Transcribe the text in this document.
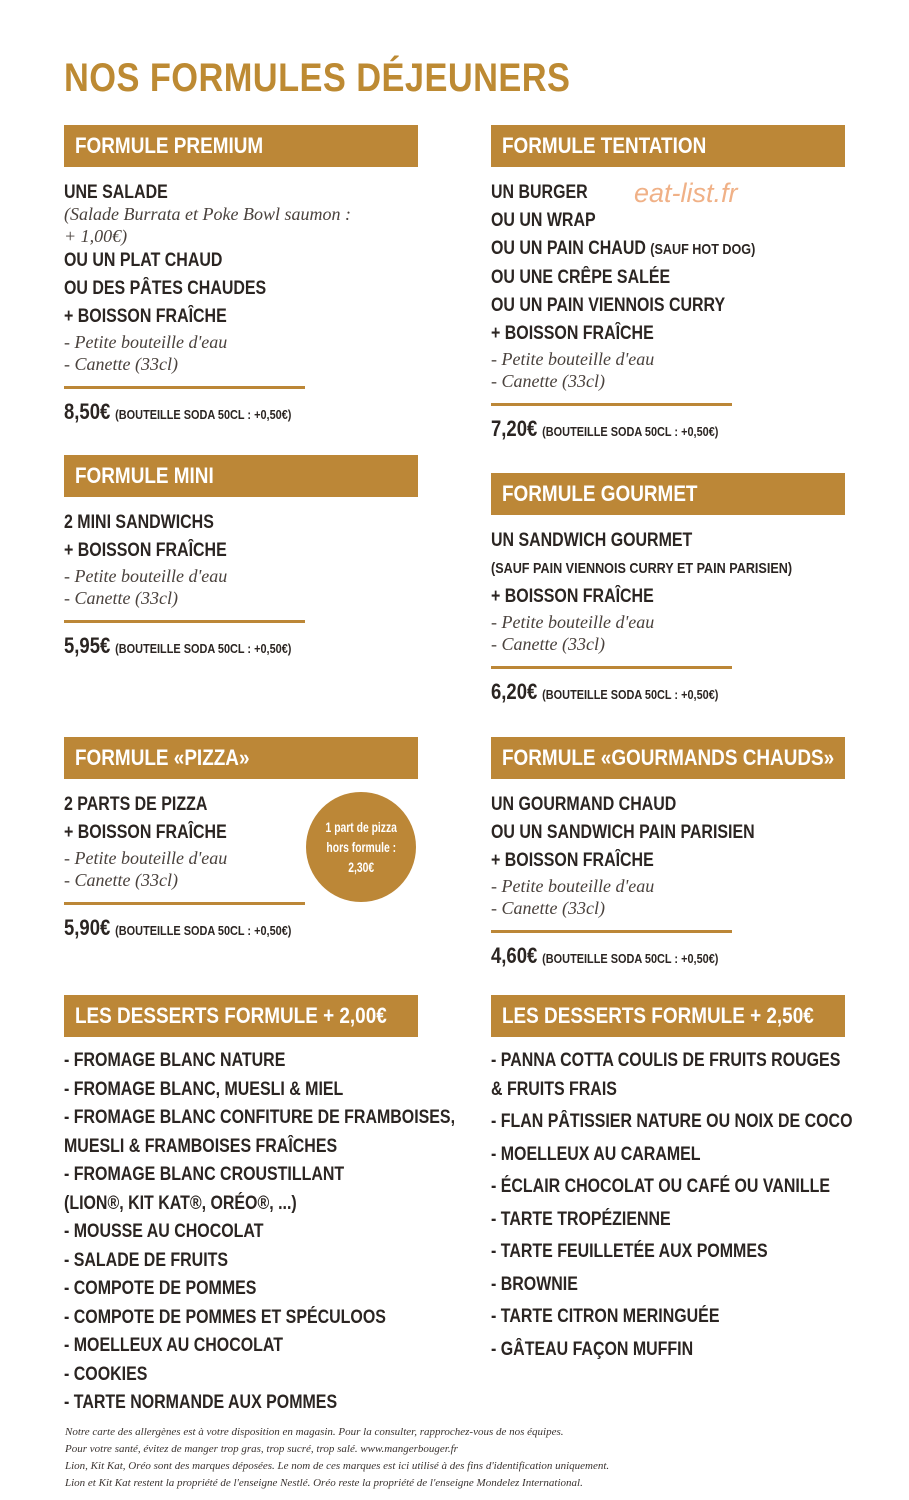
NOS FORMULES DÉJEUNERS
eat-list.fr
FORMULE PREMIUM
UNE SALADE
(Salade Burrata et Poke Bowl saumon :
+ 1,00€)
OU UN PLAT CHAUD
OU DES PÂTES CHAUDES
+ BOISSON FRAÎCHE
- Petite bouteille d'eau
- Canette (33cl)
8,50€ (BOUTEILLE SODA 50CL : +0,50€)
FORMULE MINI
2 MINI SANDWICHS
+ BOISSON FRAÎCHE
- Petite bouteille d'eau
- Canette (33cl)
5,95€ (BOUTEILLE SODA 50CL : +0,50€)
FORMULE «PIZZA»
2 PARTS DE PIZZA
+ BOISSON FRAÎCHE
- Petite bouteille d'eau
- Canette (33cl)
5,90€ (BOUTEILLE SODA 50CL : +0,50€)
LES DESSERTS FORMULE + 2,00€
- FROMAGE BLANC NATURE
- FROMAGE BLANC, MUESLI & MIEL
- FROMAGE BLANC CONFITURE DE FRAMBOISES,
MUESLI & FRAMBOISES FRAÎCHES
- FROMAGE BLANC CROUSTILLANT
(LION®, KIT KAT®, ORÉO®, ...)
- MOUSSE AU CHOCOLAT
- SALADE DE FRUITS
- COMPOTE DE POMMES
- COMPOTE DE POMMES ET SPÉCULOOS
- MOELLEUX AU CHOCOLAT
- COOKIES
- TARTE NORMANDE AUX POMMES
1 part de pizza
hors formule :
2,30€
FORMULE TENTATION
UN BURGER
OU UN WRAP
OU UN PAIN CHAUD (SAUF HOT DOG)
OU UNE CRÊPE SALÉE
OU UN PAIN VIENNOIS CURRY
+ BOISSON FRAÎCHE
- Petite bouteille d'eau
- Canette (33cl)
7,20€ (BOUTEILLE SODA 50CL : +0,50€)
FORMULE GOURMET
UN SANDWICH GOURMET
(SAUF PAIN VIENNOIS CURRY ET PAIN PARISIEN)
+ BOISSON FRAÎCHE
- Petite bouteille d'eau
- Canette (33cl)
6,20€ (BOUTEILLE SODA 50CL : +0,50€)
FORMULE «GOURMANDS CHAUDS»
UN GOURMAND CHAUD
OU UN SANDWICH PAIN PARISIEN
+ BOISSON FRAÎCHE
- Petite bouteille d'eau
- Canette (33cl)
4,60€ (BOUTEILLE SODA 50CL : +0,50€)
LES DESSERTS FORMULE + 2,50€
- PANNA COTTA COULIS DE FRUITS ROUGES
& FRUITS FRAIS
- FLAN PÂTISSIER NATURE OU NOIX DE COCO
- MOELLEUX AU CARAMEL
- ÉCLAIR CHOCOLAT OU CAFÉ OU VANILLE
- TARTE TROPÉZIENNE
- TARTE FEUILLETÉE AUX POMMES
- BROWNIE
- TARTE CITRON MERINGUÉE
- GÂTEAU FAÇON MUFFIN
Notre carte des allergènes est à votre disposition en magasin. Pour la consulter, rapprochez-vous de nos équipes.
Pour votre santé, évitez de manger trop gras, trop sucré, trop salé. www.mangerbouger.fr
Lion, Kit Kat, Oréo sont des marques déposées. Le nom de ces marques est ici utilisé à des fins d'identification uniquement.
Lion et Kit Kat restent la propriété de l'enseigne Nestlé. Oréo reste la propriété de l'enseigne Mondelez International.
